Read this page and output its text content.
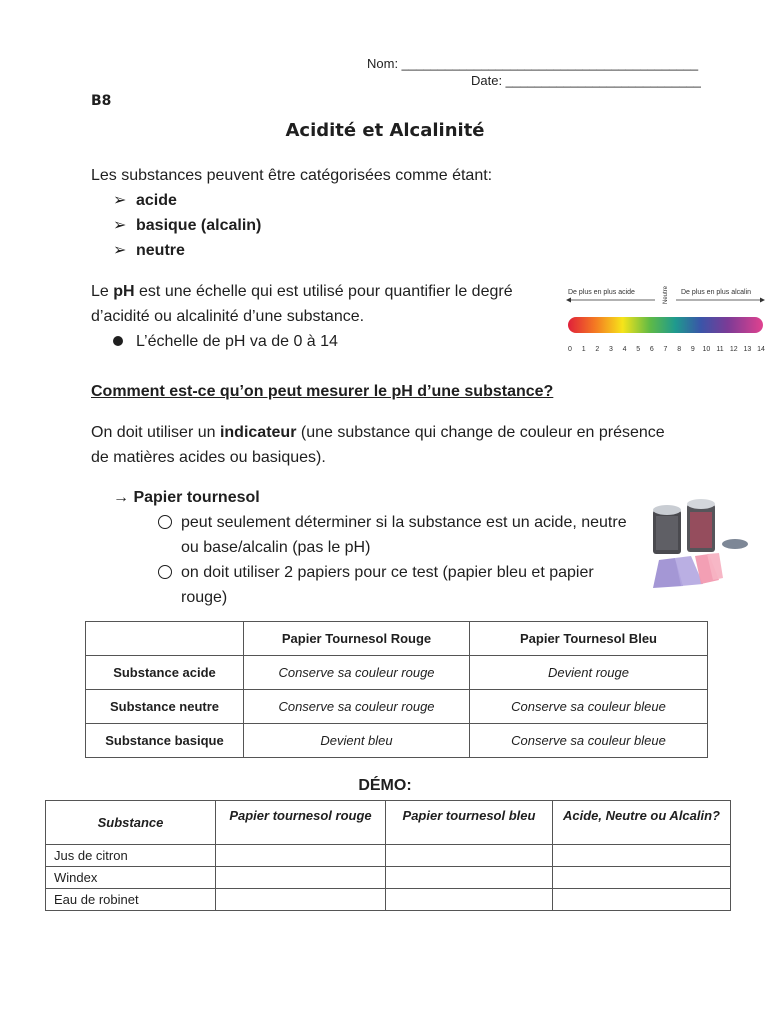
Nom: _________________________________________
Date: ___________________________
B8
Acidité et Alcalinité
Les substances peuvent être catégorisées comme étant:
➢ acide
➢ basique (alcalin)
➢ neutre
Le pH est une échelle qui est utilisé pour quantifier le degré d’acidité ou alcalinité d’une substance.
L’échelle de pH va de 0 à 14
De plus en plus acide	Neutre De plus en plus alcalin
0 1 2 3 4 5 6 7 8 9 10 11 12 13 14
Comment est-ce qu’on peut mesurer le pH d’une substance?
On doit utiliser un indicateur (une substance qui change de couleur en présence de matières acides ou basiques).
→ Papier tournesol
peut seulement déterminer si la substance est un acide, neutre ou base/alcalin (pas le pH)
on doit utiliser 2 papiers pour ce test (papier bleu et papier rouge)
	Papier Tournesol Rouge	Papier Tournesol Bleu
Substance acide	Conserve sa couleur rouge	Devient rouge
Substance neutre	Conserve sa couleur rouge	Conserve sa couleur bleue
Substance basique	Devient bleu	Conserve sa couleur bleue
DÉMO:
Substance	Papier tournesol rouge	Papier tournesol bleu	Acide, Neutre ou Alcalin?
Jus de citron			
Windex			
Eau de robinet			
